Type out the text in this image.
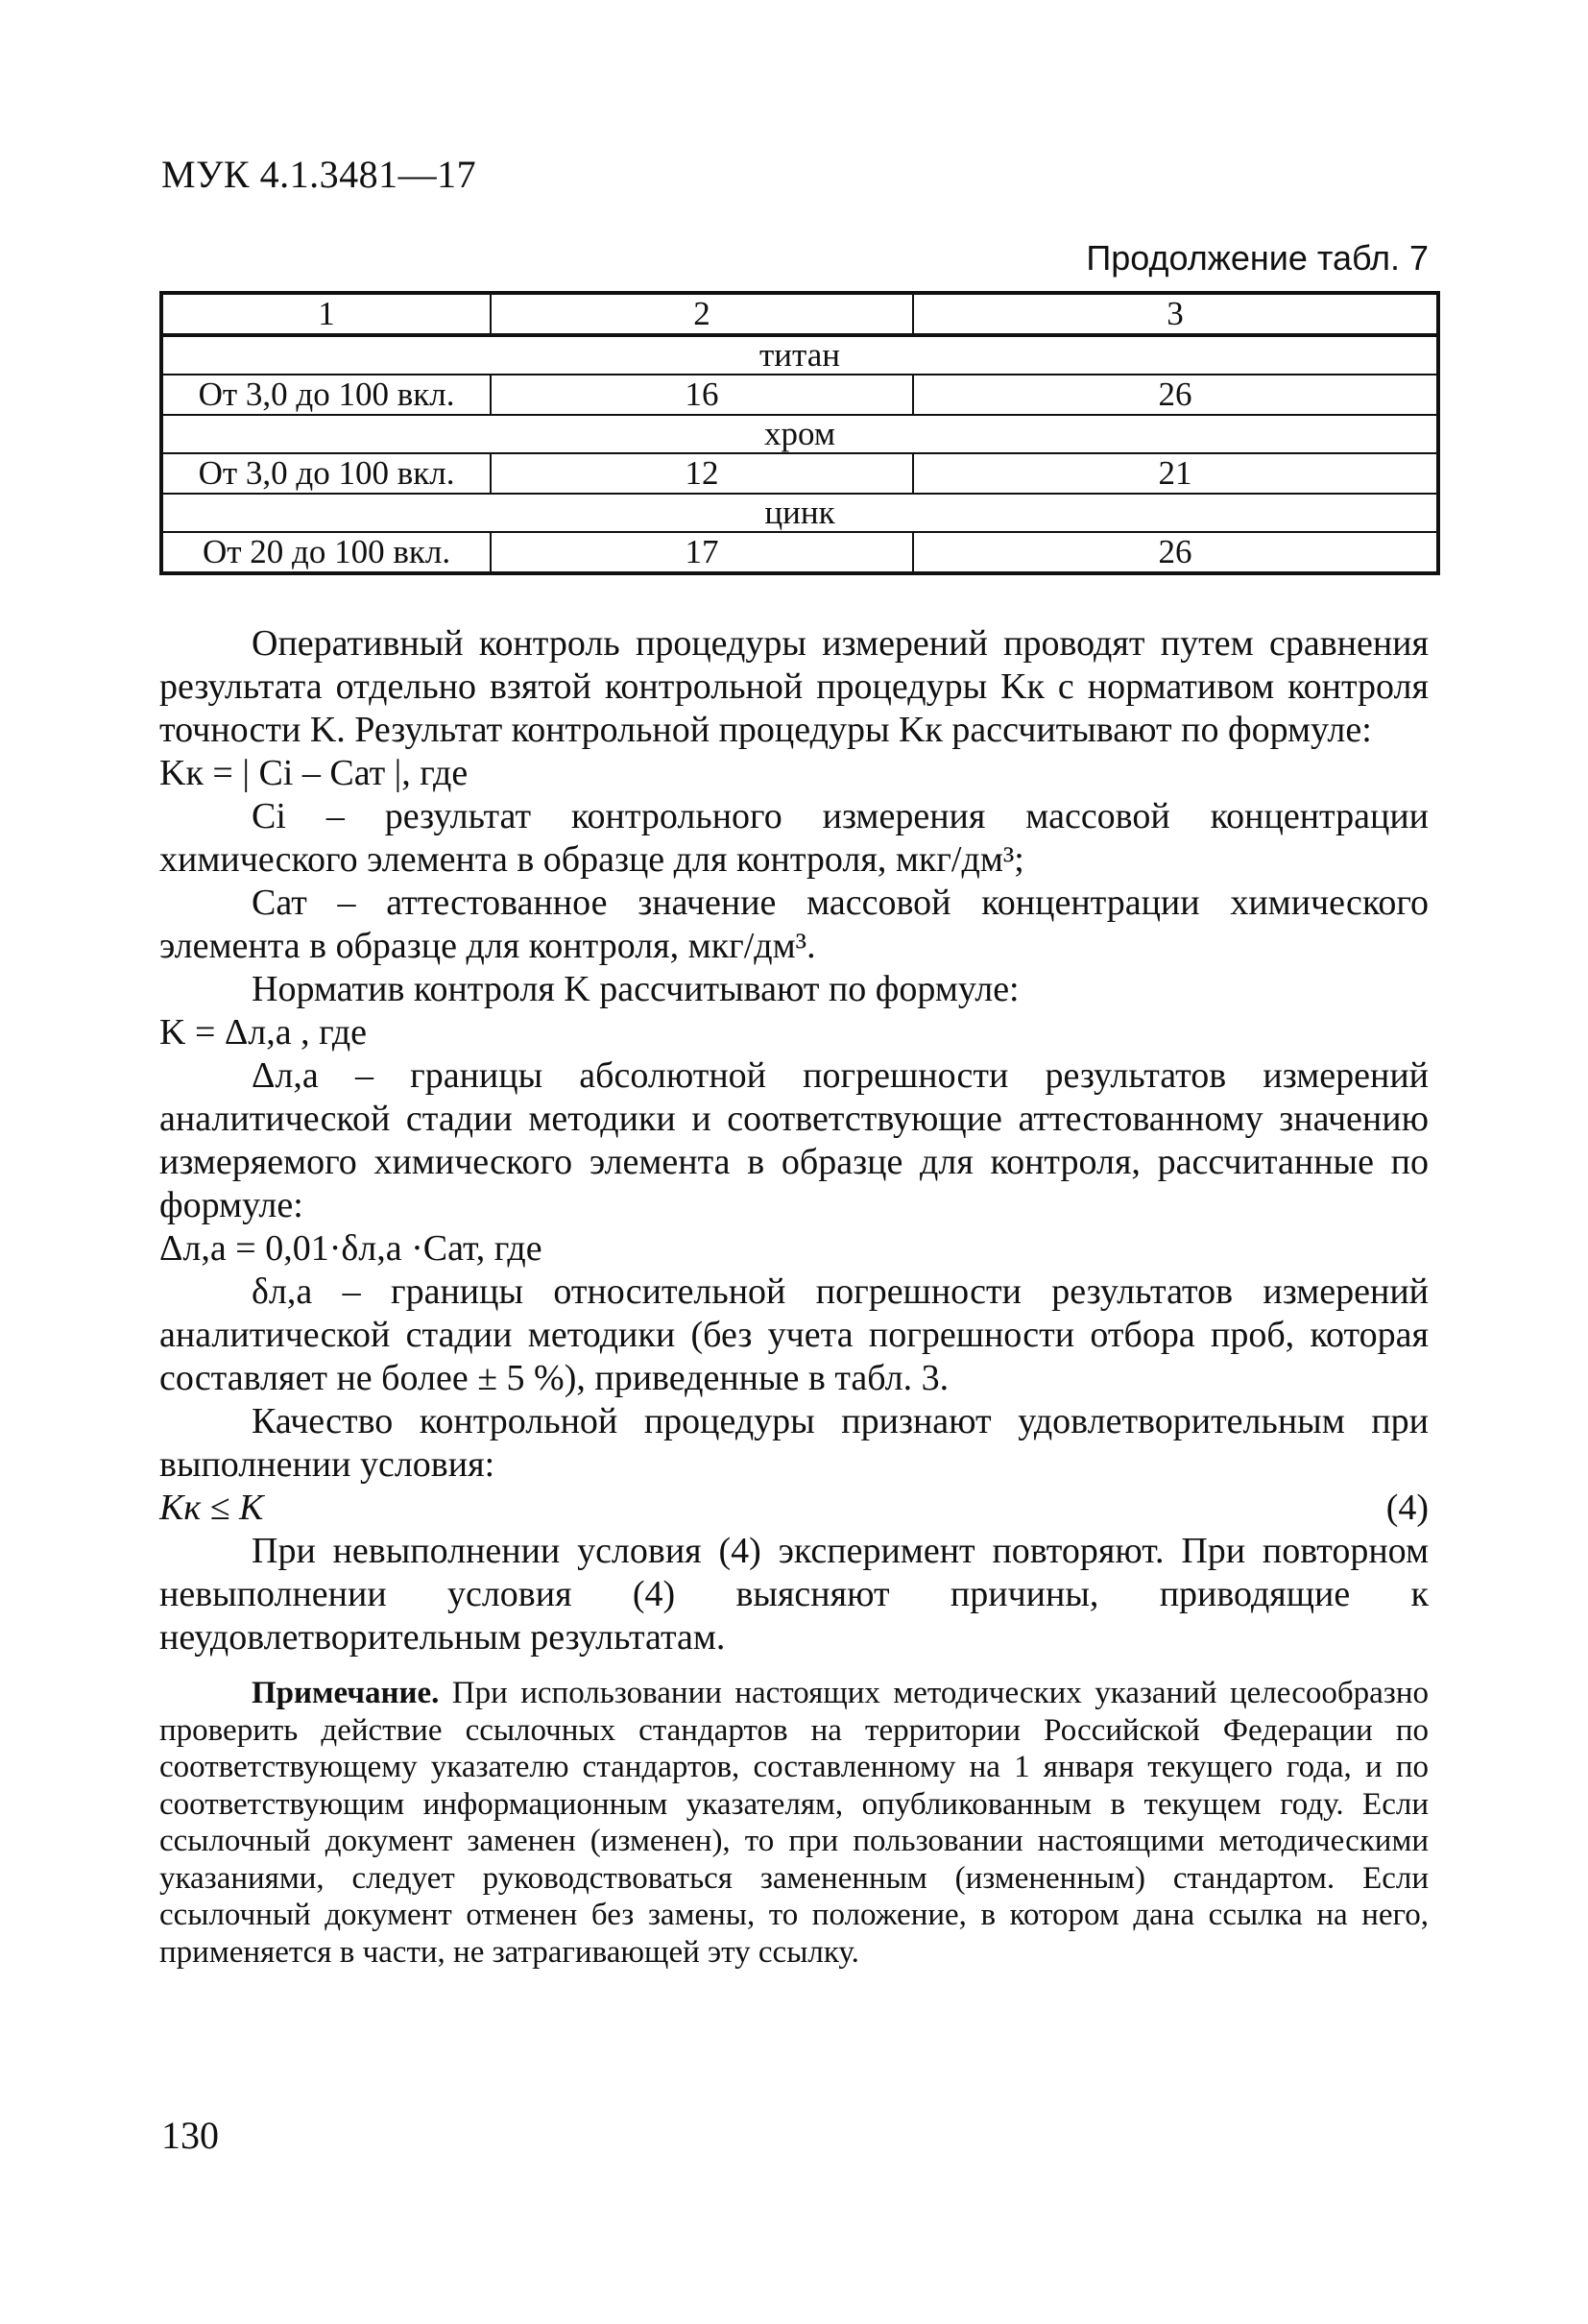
МУК 4.1.3481—17
Продолжение табл. 7
1	2	3
титан		
От 3,0 до 100 вкл.	16	26
хром		
От 3,0 до 100 вкл.	12	21
цинк		
От 20 до 100 вкл.	17	26

Оперативный контроль процедуры измерений проводят путем сравнения результата отдельно взятой контрольной процедуры Kк с нормативом контроля точности K. Результат контрольной процедуры Kк рассчитывают по формуле:

Kк = | Ci – Cат |, где

Ci – результат контрольного измерения массовой концентрации химического элемента в образце для контроля, мкг/дм³;

Cат – аттестованное значение массовой концентрации химического элемента в образце для контроля, мкг/дм³.

Норматив контроля K рассчитывают по формуле:

K = Δл,а , где

Δл,а – границы абсолютной погрешности результатов измерений аналитической стадии методики и соответствующие аттестованному значению измеряемого химического элемента в образце для контроля, рассчитанные по формуле:

Δл,а = 0,01·δл,а ·Cат, где

δл,а – границы относительной погрешности результатов измерений аналитической стадии методики (без учета погрешности отбора проб, которая составляет не более ± 5 %), приведенные в табл. 3.

Качество контрольной процедуры признают удовлетворительным при выполнении условия:

Kк ≤ K	(4)

При невыполнении условия (4) эксперимент повторяют. При повторном невыполнении условия (4) выясняют причины, приводящие к неудовлетворительным результатам.

Примечание. При использовании настоящих методических указаний целесообразно проверить действие ссылочных стандартов на территории Российской Федерации по соответствующему указателю стандартов, составленному на 1 января текущего года, и по соответствующим информационным указателям, опубликованным в текущем году. Если ссылочный документ заменен (изменен), то при пользовании настоящими методическими указаниями, следует руководствоваться замененным (измененным) стандартом. Если ссылочный документ отменен без замены, то положение, в котором дана ссылка на него, применяется в части, не затрагивающей эту ссылку.

130
